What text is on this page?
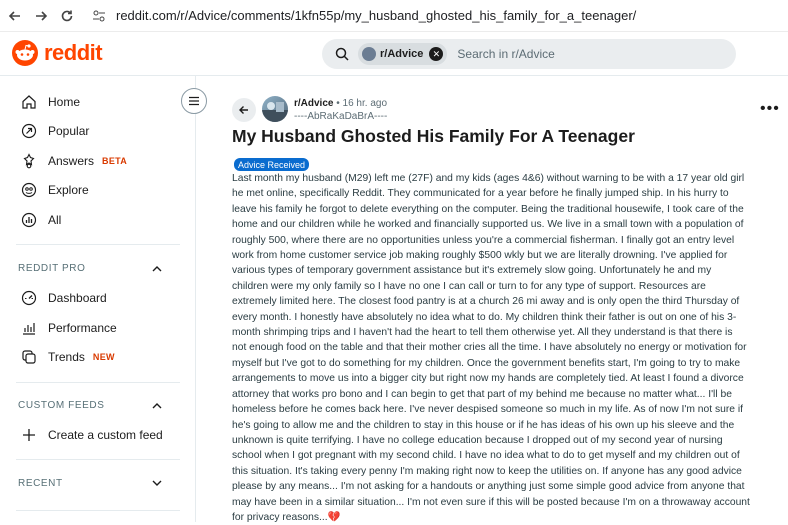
reddit.com/r/Advice/comments/1kfn55p/my_husband_ghosted_his_family_for_a_teenager/
reddit	r/Advice	✕ Search in r/Advice
Home
Popular
Answers BETA
Explore
All
REDDIT PRO
Dashboard
Performance
Trends NEW
CUSTOM FEEDS
Create a custom feed
RECENT
r/Advice • 16 hr. ago
----AbRaKaDaBrA----	•••
My Husband Ghosted His Family For A Teenager
Advice Received
Last month my husband (M29) left me (27F) and my kids (ages 4&6) without warning to be with a 17 year old girl
he met online, specifically Reddit. They communicated for a year before he finally jumped ship. In his hurry to
leave his family he forgot to delete everything on the computer. Being the traditional housewife, I took care of the
home and our children while he worked and financially supported us. We live in a small town with a population of
roughly 500, where there are no opportunities unless you're a commercial fisherman. I finally got an entry level
work from home customer service job making roughly $500 wkly but we are literally drowning. I've applied for
various types of temporary government assistance but it's extremely slow going. Unfortunately he and my
children were my only family so I have no one I can call or turn to for any type of support. Resources are
extremely limited here. The closest food pantry is at a church 26 mi away and is only open the third Thursday of
every month. I honestly have absolutely no idea what to do. My children think their father is out on one of his 3-
month shrimping trips and I haven't had the heart to tell them otherwise yet. All they understand is that there is
not enough food on the table and that their mother cries all the time. I have absolutely no energy or motivation for
myself but I've got to do something for my children. Once the government benefits start, I'm going to try to make
arrangements to move us into a bigger city but right now my hands are completely tied. At least I found a divorce
attorney that works pro bono and I can begin to get that part of my behind me because no matter what... I'll be
homeless before he comes back here. I've never despised someone so much in my life. As of now I'm not sure if
he's going to allow me and the children to stay in this house or if he has ideas of his own up his sleeve and the
unknown is quite terrifying. I have no college education because I dropped out of my second year of nursing
school when I got pregnant with my second child. I have no idea what to do to get myself and my children out of
this situation. It's taking every penny I'm making right now to keep the utilities on. If anyone has any good advice
please by any means... I'm not asking for a handouts or anything just some simple good advice from anyone that
may have been in a similar situation... I'm not even sure if this will be posted because I'm on a throwaway account
for privacy reasons...💔
